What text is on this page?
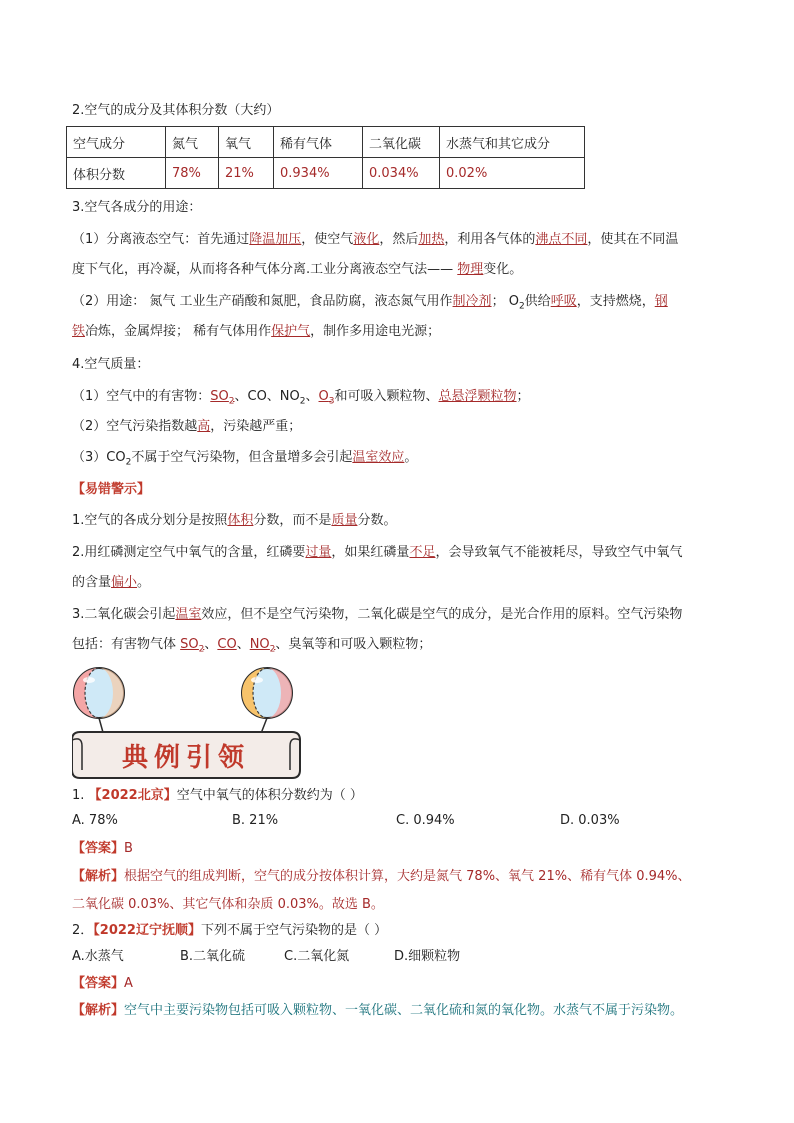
2.空气的成分及其体积分数（大约）
空气成分	氮气	氧气	稀有气体	二氧化碳	水蒸气和其它成分
体积分数	78%	21%	0.934%	0.034%	0.02%
3.空气各成分的用途：
（1）分离液态空气：首先通过降温加压，使空气液化，然后加热，利用各气体的沸点不同，使其在不同温
度下气化，再冷凝，从而将各种气体分离.工业分离液态空气法—— 物理变化。
（2）用途： 氮气 工业生产硝酸和氮肥，食品防腐，液态氮气用作制冷剂； $O_2$供给呼吸，支持燃烧，钢
铁冶炼，金属焊接； 稀有气体用作保护气，制作多用途电光源；
4.空气质量：
（1）空气中的有害物：$SO_2$、CO、$NO_2$、$O_3$和可吸入颗粒物、总悬浮颗粒物；
（2）空气污染指数越高，污染越严重；
$(3)CO_2$不属于空气污染物，但含量增多会引起温室效应。
【易错警示】
1.空气的各成分划分是按照体积分数，而不是质量分数。
2.用红磷测定空气中氧气的含量，红磷要过量，如果红磷量不足，会导致氧气不能被耗尽，导致空气中氧气
的含量偏小。
3.二氧化碳会引起温室效应，但不是空气污染物，二氧化碳是空气的成分，是光合作用的原料。空气污染物
包括：有害物气体 $SO_2$、CO、$NO_2$、臭氧等和可吸入颗粒物；
典例引领
1. 【2022北京】空气中氧气的体积分数约为（ ）
A. 78%	B. 21%	C. 0.94%	D. 0.03%
【答案】B
【解析】根据空气的组成判断，空气的成分按体积计算，大约是氮气 78%、氧气 21%、稀有气体 0.94%、
二氧化碳 0.03%、其它气体和杂质 0.03%。故选 B。
2．【2022辽宁抚顺】下列不属于空气污染物的是（ ）
A.水蒸气	B.二氧化硫	C.二氧化氮	D.细颗粒物
【答案】A
【解析】空气中主要污染物包括可吸入颗粒物、一氧化碳、二氧化硫和氮的氧化物。水蒸气不属于污染物。
